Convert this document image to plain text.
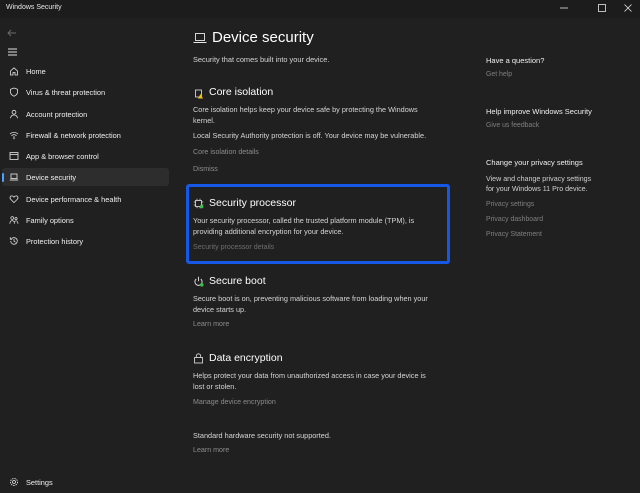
Windows Security
Home
Virus & threat protection
Account protection
Firewall & network protection
App & browser control
Device security
Device performance & health
Family options
Protection history
Settings
Device security
Security that comes built into your device.
Core isolation
Core isolation helps keep your device safe by protecting the Windows
kernel.
Local Security Authority protection is off. Your device may be vulnerable.
Core isolation details
Dismiss
Security processor
Your security processor, called the trusted platform module (TPM), is
providing additional encryption for your device.
Security processor details
Secure boot
Secure boot is on, preventing malicious software from loading when your
device starts up.
Learn more
Data encryption
Helps protect your data from unauthorized access in case your device is
lost or stolen.
Manage device encryption
Standard hardware security not supported.
Learn more
Have a question?
Get help
Help improve Windows Security
Give us feedback
Change your privacy settings
View and change privacy settings
for your Windows 11 Pro device.
Privacy settings
Privacy dashboard
Privacy Statement
